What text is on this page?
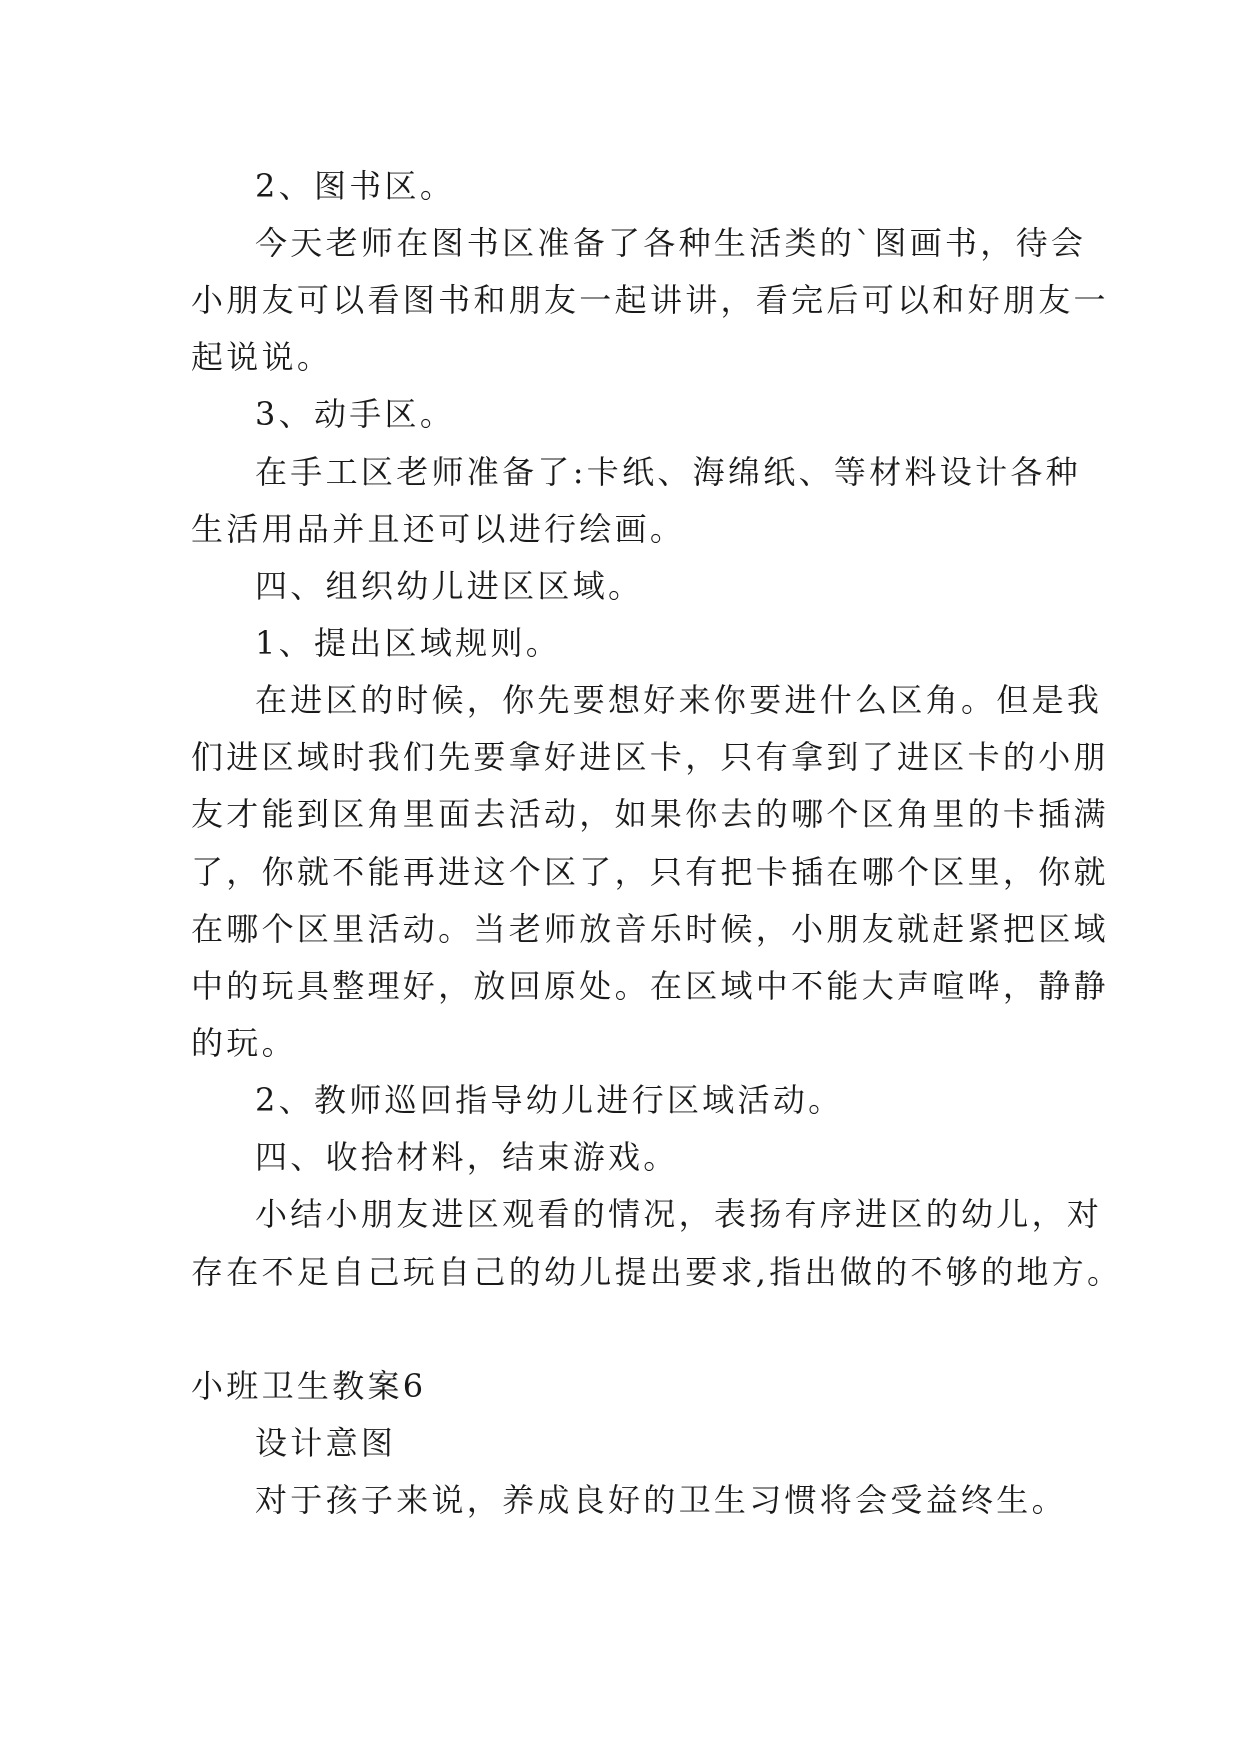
2、图书区。
今天老师在图书区准备了各种生活类的`图画书，待会
小朋友可以看图书和朋友一起讲讲，看完后可以和好朋友一
起说说。
3、动手区。
在手工区老师准备了:卡纸、海绵纸、等材料设计各种
生活用品并且还可以进行绘画。
四、组织幼儿进区区域。
1、提出区域规则。
在进区的时候，你先要想好来你要进什么区角。但是我
们进区域时我们先要拿好进区卡，只有拿到了进区卡的小朋
友才能到区角里面去活动，如果你去的哪个区角里的卡插满
了，你就不能再进这个区了，只有把卡插在哪个区里，你就
在哪个区里活动。当老师放音乐时候，小朋友就赶紧把区域
中的玩具整理好，放回原处。在区域中不能大声喧哗，静静
的玩。
2、教师巡回指导幼儿进行区域活动。
四、收拾材料，结束游戏。
小结小朋友进区观看的情况，表扬有序进区的幼儿，对
存在不足自己玩自己的幼儿提出要求,指出做的不够的地方。
小班卫生教案6
设计意图
对于孩子来说，养成良好的卫生习惯将会受益终生。
